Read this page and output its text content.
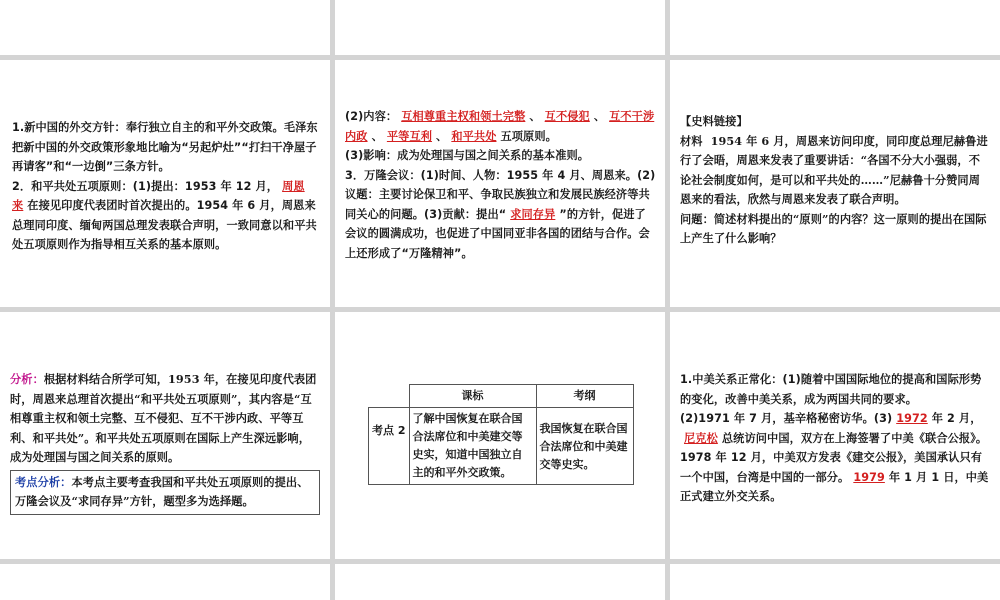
1.新中国的外交方针：奉行独立自主的和平外交政策。毛泽东把新中国的外交政策形象地比喻为“另起炉灶”“打扫干净屋子再请客”和“一边倒”三条方针。
2．和平共处五项原则：(1)提出：1953 年 12 月， 周恩来 在接见印度代表团时首次提出的。1954 年 6 月，周恩来总理同印度、缅甸两国总理发表联合声明，一致同意以和平共处五项原则作为指导相互关系的基本原则。
(2)内容： 互相尊重主权和领土完整 、 互不侵犯 、 互不干涉内政 、 平等互利 、 和平共处 五项原则。
(3)影响：成为处理国与国之间关系的基本准则。
3．万隆会议：(1)时间、人物：1955 年 4 月、周恩来。(2)议题：主要讨论保卫和平、争取民族独立和发展民族经济等共同关心的问题。(3)贡献：提出“ 求同存异 ”的方针，促进了会议的圆满成功，也促进了中国同亚非各国的团结与合作。会上还形成了“万隆精神”。
【史料链接】
材料 1954 年 6 月，周恩来访问印度，同印度总理尼赫鲁进行了会晤，周恩来发表了重要讲话：“各国不分大小强弱，不论社会制度如何，是可以和平共处的……”尼赫鲁十分赞同周恩来的看法，欣然与周恩来发表了联合声明。
问题：简述材料提出的“原则”的内容？这一原则的提出在国际上产生了什么影响？
分析：根据材料结合所学可知，1953 年，在接见印度代表团时，周恩来总理首次提出“和平共处五项原则”，其内容是“互相尊重主权和领土完整、互不侵犯、互不干涉内政、平等互利、和平共处”。和平共处五项原则在国际上产生深远影响，成为处理国与国之间关系的原则。
考点分析：本考点主要考查我国和平共处五项原则的提出、万隆会议及“求同存异”方针，题型多为选择题。
	课标	考纲
考点 2	了解中国恢复在联合国合法席位和中美建交等史实，知道中国独立自主的和平外交政策。	我国恢复在联合国合法席位和中美建交等史实。
1.中美关系正常化：(1)随着中国国际地位的提高和国际形势的变化，改善中美关系，成为两国共同的要求。
(2)1971 年 7 月，基辛格秘密访华。(3) 1972 年 2 月，尼克松 总统访问中国，双方在上海签署了中美《联合公报》。1978 年 12 月，中美双方发表《建交公报》，美国承认只有一个中国，台湾是中国的一部分。 1979 年 1 月 1 日，中美正式建立外交关系。
